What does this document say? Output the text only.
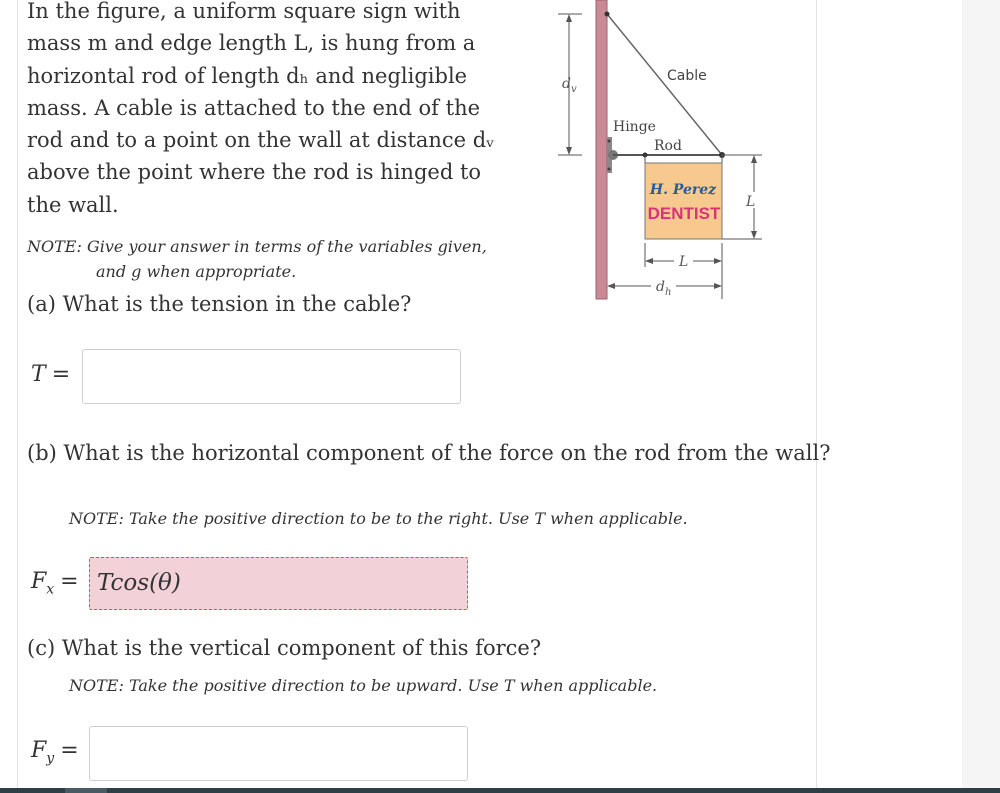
In the figure, a uniform square sign with mass m and edge length L, is hung from a horizontal rod of length dₕ and negligible mass. A cable is attached to the end of the rod and to a point on the wall at distance dᵥ above the point where the rod is hinged to the wall.

NOTE: Give your answer in terms of the variables given,
and g when appropriate.

$d_v$
Cable
Hinge
Rod
H. Perez
DENTIST
L
L
$d_h$

(a) What is the tension in the cable?

T =

(b) What is the horizontal component of the force on the rod from the wall?

NOTE: Take the positive direction to be to the right. Use T when applicable.

$F_x = Tcos(\theta)$

(c) What is the vertical component of this force?

NOTE: Take the positive direction to be upward. Use T when applicable.

$F_y$ =
